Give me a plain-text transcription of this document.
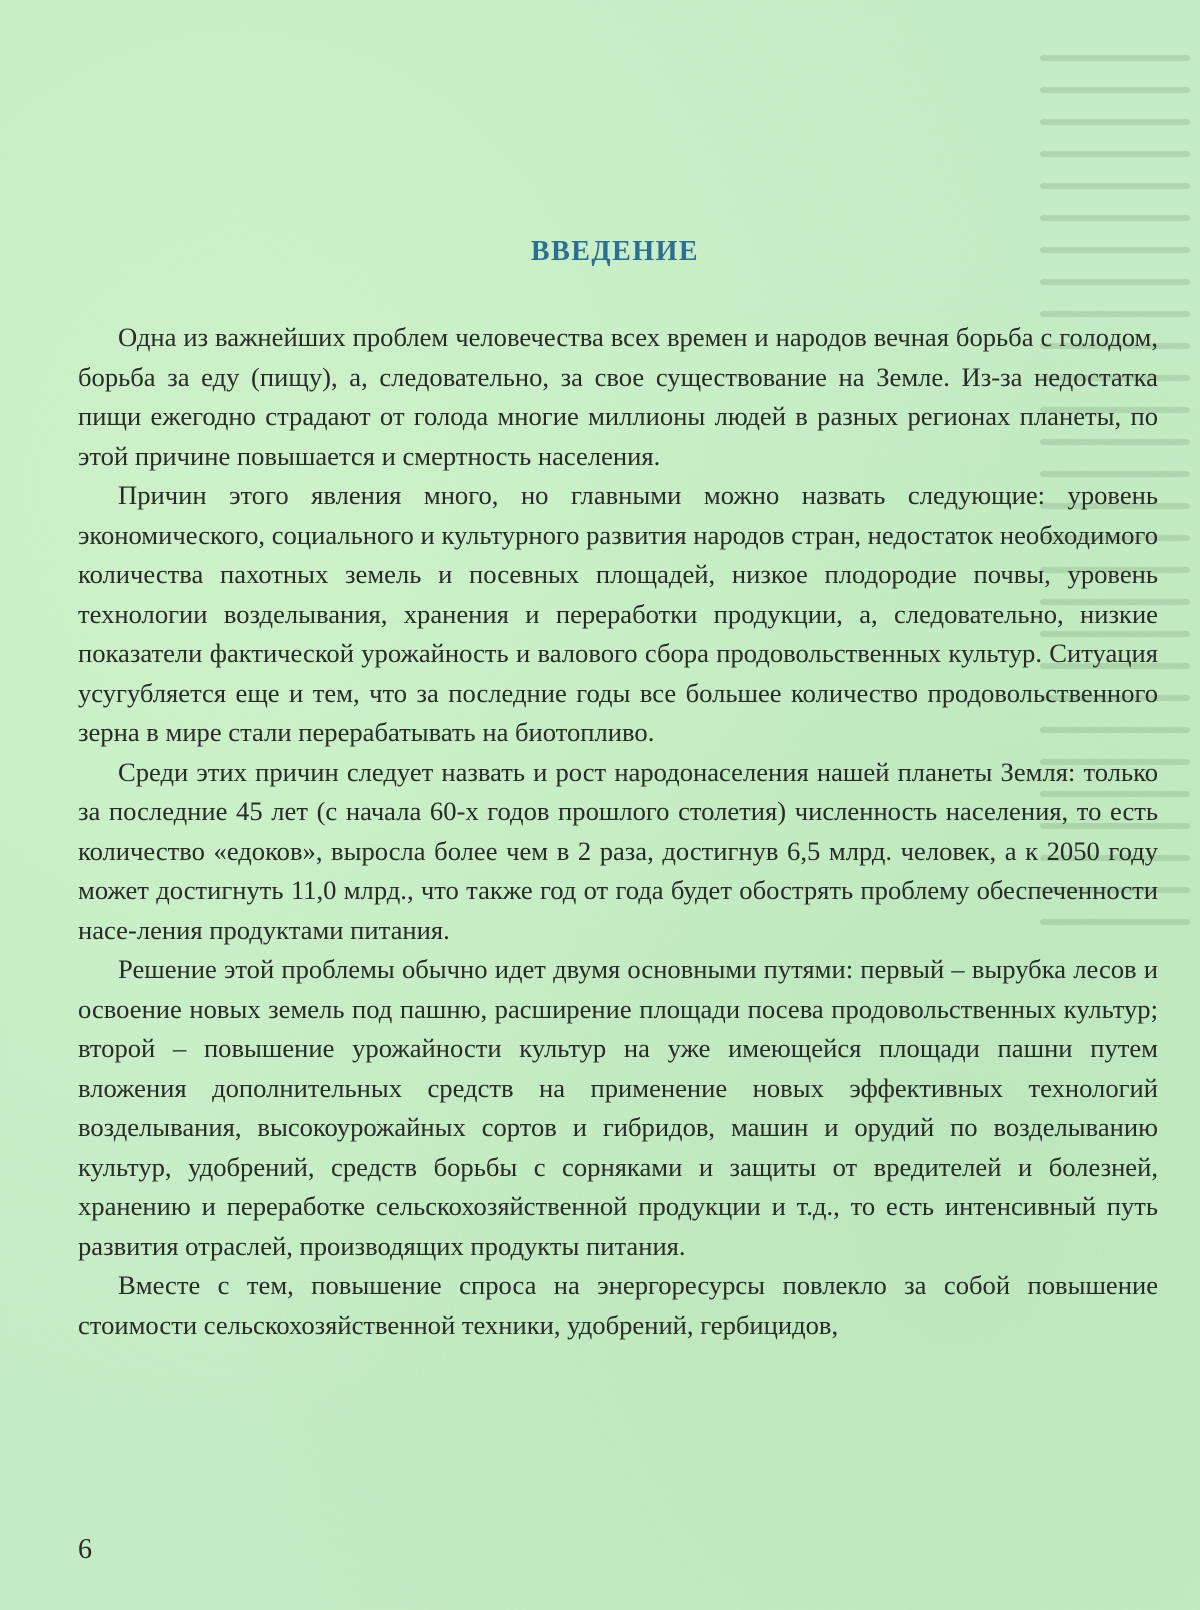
ВВЕДЕНИЕ

Одна из важнейших проблем человечества всех времен и народов вечная борьба с голодом, борьба за еду (пищу), а, следовательно, за свое существование на Земле. Из-за недостатка пищи ежегодно страдают от голода многие миллионы людей в разных регионах планеты, по этой причине повышается и смертность населения.

Причин этого явления много, но главными можно назвать следующие: уровень экономического, социального и культурного развития народов стран, недостаток необходимого количества пахотных земель и посевных площадей, низкое плодородие почвы, уровень технологии возделывания, хранения и переработки продукции, а, следовательно, низкие показатели фактической урожайность и валового сбора продовольственных культур. Ситуация усугубляется еще и тем, что за последние годы все большее количество продовольственного зерна в мире стали перерабатывать на биотопливо.

Среди этих причин следует назвать и рост народонаселения нашей планеты Земля: только за последние 45 лет (с начала 60-х годов прошлого столетия) численность населения, то есть количество «едоков», выросла более чем в 2 раза, достигнув 6,5 млрд. человек, а к 2050 году может достигнуть 11,0 млрд., что также год от года будет обострять проблему обеспеченности насе-ления продуктами питания.

Решение этой проблемы обычно идет двумя основными путями: первый – вырубка лесов и освоение новых земель под пашню, расширение площади посева продовольственных культур; второй – повышение урожайности культур на уже имеющейся площади пашни путем вложения дополнительных средств на применение новых эффективных технологий возделывания, высокоурожайных сортов и гибридов, машин и орудий по возделыванию культур, удобрений, средств борьбы с сорняками и защиты от вредителей и болезней, хранению и переработке сельскохозяйственной продукции и т.д., то есть интенсивный путь развития отраслей, производящих продукты питания.

Вместе с тем, повышение спроса на энергоресурсы повлекло за собой повышение стоимости сельскохозяйственной техники, удобрений, гербицидов,

6
